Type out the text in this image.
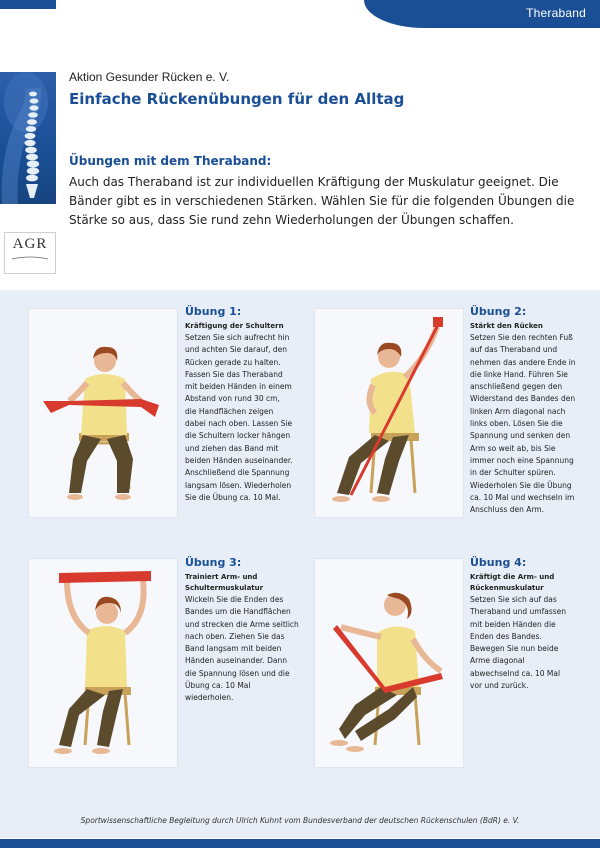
Theraband
AGR
Aktion Gesunder Rücken e. V.
Einfache Rückenübungen für den Alltag
Übungen mit dem Theraband:
Auch das Theraband ist zur individuellen Kräftigung der Muskulatur geeignet. Die Bänder gibt es in verschiedenen Stärken. Wählen Sie für die folgenden Übungen die Stärke so aus, dass Sie rund zehn Wiederholungen der Übungen schaffen.
Übung 1:
Kräftigung der Schultern
Setzen Sie sich aufrecht hin und achten Sie darauf, den Rücken gerade zu halten. Fassen Sie das Theraband mit beiden Händen in einem Abstand von rund 30 cm, die Handflächen zeigen dabei nach oben. Lassen Sie die Schultern locker hängen und ziehen das Band mit beiden Händen auseinander. Anschließend die Spannung langsam lösen. Wiederholen Sie die Übung ca. 10 Mal.
Übung 2:
Stärkt den Rücken
Setzen Sie den rechten Fuß auf das Theraband und nehmen das andere Ende in die linke Hand. Führen Sie anschließend gegen den Widerstand des Bandes den linken Arm diagonal nach links oben. Lösen Sie die Spannung und senken den Arm so weit ab, bis Sie immer noch eine Spannung in der Schulter spüren. Wiederholen Sie die Übung ca. 10 Mal und wechseln im Anschluss den Arm.
Übung 3:
Trainiert Arm- und Schultermuskulatur
Wickeln Sie die Enden des Bandes um die Handflächen und strecken die Arme seitlich nach oben. Ziehen Sie das Band langsam mit beiden Händen auseinander. Dann die Spannung lösen und die Übung ca. 10 Mal wiederholen.
Übung 4:
Kräftigt die Arm- und Rückenmuskulatur
Setzen Sie sich auf das Theraband und umfassen mit beiden Händen die Enden des Bandes. Bewegen Sie nun beide Arme diagonal abwechselnd ca. 10 Mal vor und zurück.
Sportwissenschaftliche Begleitung durch Ulrich Kuhnt vom Bundesverband der deutschen Rückenschulen (BdR) e. V.
